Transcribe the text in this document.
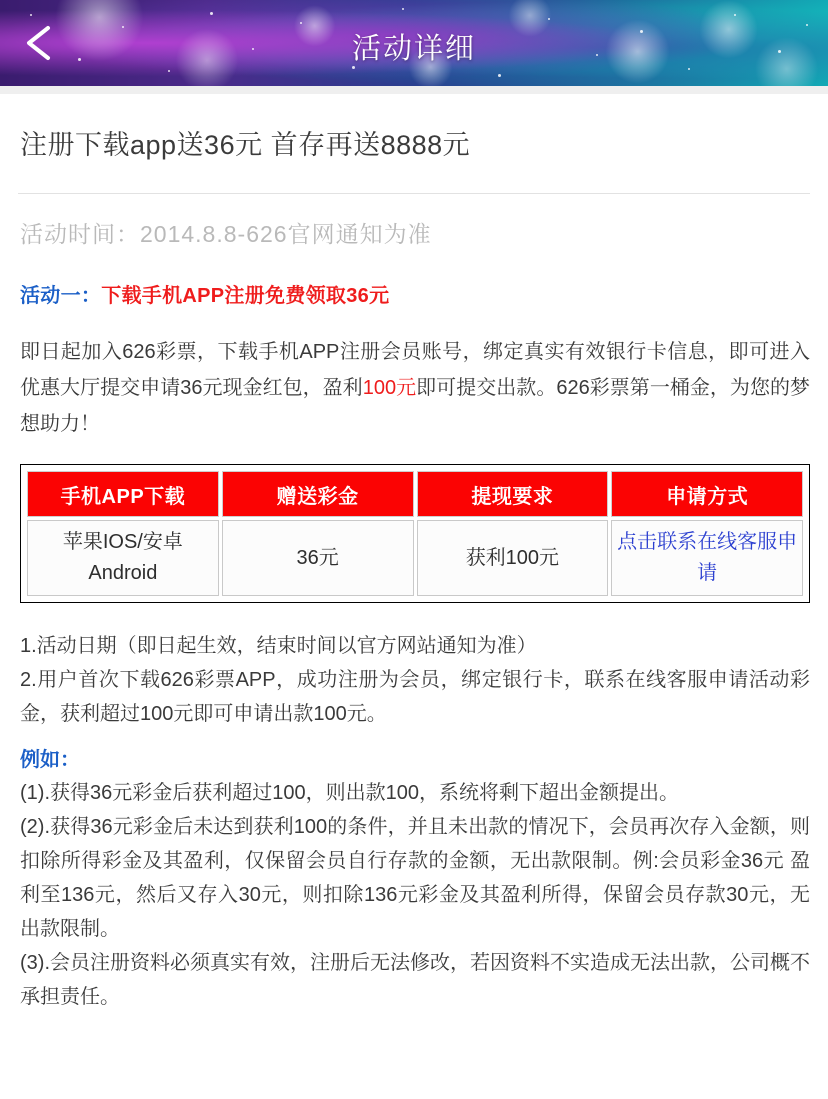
活动详细
注册下载app送36元 首存再送8888元
活动时间：2014.8.8-626官网通知为准
活动一：下载手机APP注册免费领取36元
即日起加入626彩票，下载手机APP注册会员账号，绑定真实有效银行卡信息，即可进入优惠大厅提交申请36元现金红包，盈利100元即可提交出款。626彩票第一桶金，为您的梦想助力！
手机APP下载	赠送彩金	提现要求	申请方式
苹果IOS/安卓 Android	36元	获利100元	点击联系在线客服申请
1.活动日期（即日起生效，结束时间以官方网站通知为准）
2.用户首次下载626彩票APP，成功注册为会员，绑定银行卡，联系在线客服申请活动彩金，获利超过100元即可申请出款100元。
例如：
(1).获得36元彩金后获利超过100，则出款100，系统将剩下超出金额提出。
(2).获得36元彩金后未达到获利100的条件，并且未出款的情况下，会员再次存入金额，则扣除所得彩金及其盈利，仅保留会员自行存款的金额，无出款限制。例:会员彩金36元 盈利至136元，然后又存入30元，则扣除136元彩金及其盈利所得，保留会员存款30元，无出款限制。
(3).会员注册资料必须真实有效，注册后无法修改，若因资料不实造成无法出款，公司概不承担责任。
